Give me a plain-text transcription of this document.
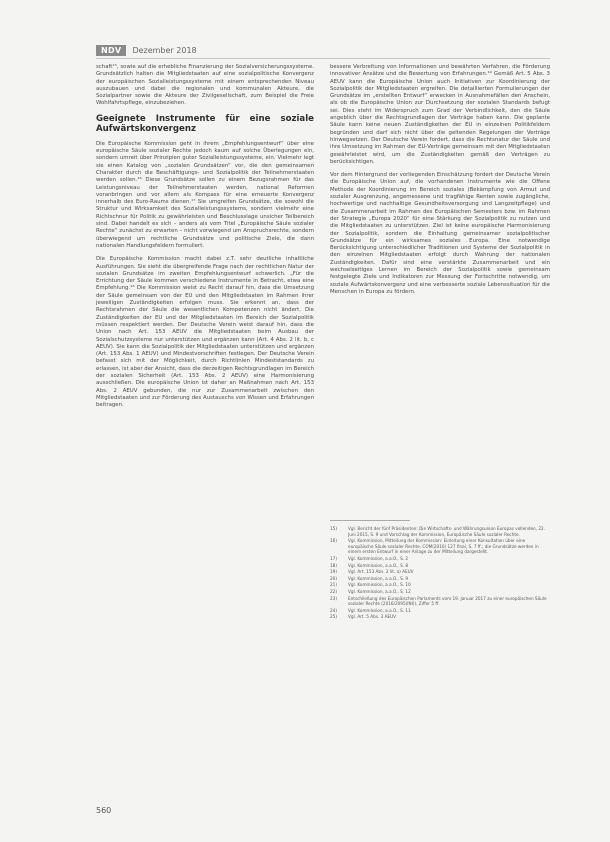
NDV	Dezember 2018

schaft¹⁵, sowie auf die erhebliche Finanzierung der Sozialversicherungssysteme. Grundsätzlich halten die Mitgliedstaaten auf eine sozialpolitische Konvergenz der europäischen Sozialleistungssysteme mit einem entsprechenden Niveau auszubauen und dabei die regionalen und kommunalen Akteure, die Sozialpartner sowie die Akteure der Zivilgesellschaft, zum Beispiel die Freie Wohlfahrtspflege, einzubeziehen.

Geeignete Instrumente für eine soziale Aufwärtskonvergenz

Die Europäische Kommission geht in ihrem „Empfehlungsentwurf“ über eine europäische Säule sozialer Rechte jedoch kaum auf solche Überlegungen ein, sondern umreit über Prinzipien guter Sozialleistungssysteme, ein. Vielmehr legt sie einen Katalog von „sozialen Grundsätzen“ vor, die den gemeinsamen Charakter durch die Beschäftigungs- und Sozialpolitik der Teilnehmerstaaten werden sollen.¹⁶ Diese Grundsätze sollen zu einem Bezugsrahmen für das Leistungsniveau der Teilnehmerstaaten werden, national Reformen voranbringen und vor allem als Kompass für eine erneuerte Konvergenz innerhalb des Euro-Raums dienen.¹⁷ Sie umgreifen Grundsätze, die sowohl die Struktur und Wirksamkeit des Sozialleistungssystems, sondern vielmehr eine Richtschnur für Politik zu gewährleisten und Beschlusslage unsicher Teilbereich sind. Dabei handelt es sich – anders als vom Titel „Europäische Säule sozialer Rechte“ zunächst zu erwarten – nicht vorwiegend um Anspruchsrechte, sondern überwiegend um rechtliche Grundsätze und politische Ziele, die dann nationalen Handlungsfeldern formuliert.

Die Europäische Kommission macht dabei z.T. sehr deutliche inhaltliche Ausführungen. Sie sieht die übergreifende Frage nach der rechtlichen Natur der sozialen Grundsätze im zweiten Empfehlungsentwurf schwerlich. „Für die Errichtung der Säule kommen verschiedene Instrumente in Betracht, etwa eine Empfehlung.¹⁸ Die Kommission weist zu Recht darauf hin, dass die Umsetzung der Säule gemeinsam von der EU und den Mitgliedstaaten im Rahmen ihrer jeweiligen Zuständigkeiten erfolgen muss. Sie erkennt an, dass der Rechtsrahmen der Säule die wesentlichen Kompetenzen nicht ändert. Die Zuständigkeiten der EU und der Mitgliedstaaten im Bereich der Sozialpolitik müssen respektiert werden. Der Deutsche Verein weist darauf hin, dass die Union nach Art. 153 AEUV die Mitgliedstaaten beim Ausbau der Sozialschutzsysteme nur unterstützen und ergänzen kann (Art. 4 Abs. 2 lit. b, c AEUV). Sie kann die Sozialpolitik der Mitgliedstaaten unterstützen und ergänzen (Art. 153 Abs. 1 AEUV) und Mindestvorschriften festlegen. Der Deutsche Verein befasst sich mit der Möglichkeit, durch Richtlinien Mindeststandards zu erlassen, ist aber der Ansicht, dass die derzeitigen Rechtsgrundlagen im Bereich der sozialen Sicherheit (Art. 153 Abs. 2 AEUV) eine Harmonisierung ausschließen. Die europäische Union ist daher an Maßnahmen nach Art. 153 Abs. 2 AEUV gebunden, die nur zur Zusammenarbeit zwischen den Mitgliedstaaten und zur Förderung des Austauschs von Wissen und Erfahrungen beitragen.

bessere Verbreitung von Informationen und bewährten Verfahren, die Förderung innovativer Ansätze und die Bewertung von Erfahrungen.¹⁹ Gemäß Art. 5 Abs. 3 AEUV kann die Europäische Union auch Initiativen zur Koordinierung der Sozialpolitik der Mitgliedstaaten ergreifen. Die detaillierten Formulierungen der Grundsätze im „erstellten Entwurf“ erwecken in Ausnahmefällen den Anschein, als ob die Europäische Union zur Durchsetzung der sozialen Standards befugt sei. Dies steht im Widerspruch zum Grad der Verbindlichkeit, den die Säule angeblich über die Rechtsgrundlagen der Verträge haben kann. Die geplante Säule kann keine neuen Zuständigkeiten der EU in einzelnen Politikfeldern begründen und darf sich nicht über die geltenden Regelungen der Verträge hinwegsetzen. Der Deutsche Verein fordert, dass die Rechtsnatur der Säule und ihre Umsetzung im Rahmen der EU-Verträge gemeinsam mit den Mitgliedstaaten gewährleistet wird, um die Zuständigkeiten gemäß den Verträgen zu berücksichtigen.

Vor dem Hintergrund der vorliegenden Einschätzung fordert der Deutsche Verein die Europäische Union auf, die vorhandenen Instrumente wie die Offene Methode der Koordinierung im Bereich soziales (Bekämpfung von Armut und sozialer Ausgrenzung, angemessene und tragfähige Renten sowie zugängliche, hochwertige und nachhaltige Gesundheitsversorgung und Langzeitpflege) und die Zusammenarbeit im Rahmen des Europäischen Semesters bzw. im Rahmen der Strategie „Europa 2020“ für eine Stärkung der Sozialpolitik zu nutzen und die Mitgliedstaaten zu unterstützen. Ziel ist keine europäische Harmonisierung der Sozialpolitik, sondern die Einhaltung gemeinsamer sozialpolitischer Grundsätze für ein wirksames soziales Europa. Eine notwendige Berücksichtigung unterschiedlicher Traditionen und Systeme der Sozialpolitik in den einzelnen Mitgliedstaaten erfolgt durch Wahrung der nationalen Zuständigkeiten. Dafür sind eine verstärkte Zusammenarbeit und ein wechselseitiges Lernen im Bereich der Sozialpolitik sowie gemeinsam festgelegte Ziele und Indikatoren zur Messung der Fortschritte notwendig, um soziale Aufwärtskonvergenz und eine verbesserte soziale Lebenssituation für die Menschen in Europa zu fördern.

15)	Vgl. Bericht der fünf Präsidenten: Die Wirtschafts- und Währungsunion Europas vollenden, 22. Juni 2015, S. 9 und Vorschlag der Kommission, Europäische Säule sozialer Rechte.
16)	Vgl. Kommission, Mitteilung der Kommission: Einleitung einer Konsultation über eine europäische Säule sozialer Rechte, COM(2016) 127 final, S. 7 ff.; die Grundsätze werden in einem ersten Entwurf in einer Anlage zu der Mitteilung dargestellt.
17)	Vgl. Kommission, a.a.O., S. 2
18)	Vgl. Kommission, a.a.O., S. 8
19)	Vgl. Art. 153 Abs. 2 lit. a) AEUV
20)	Vgl. Kommission, a.a.O., S. 9
21)	Vgl. Kommission, a.a.O., S. 10
22)	Vgl. Kommission, a.a.O., S. 12
23)	Entschließung des Europäischen Parlaments vom 19. Januar 2017 zu einer europäischen Säule sozialer Rechte (2016/2095(INI)), Ziffer 5 ff.
24)	Vgl. Kommission, a.a.O., S. 11
25)	Vgl. Art. 5 Abs. 3 AEUV
560
